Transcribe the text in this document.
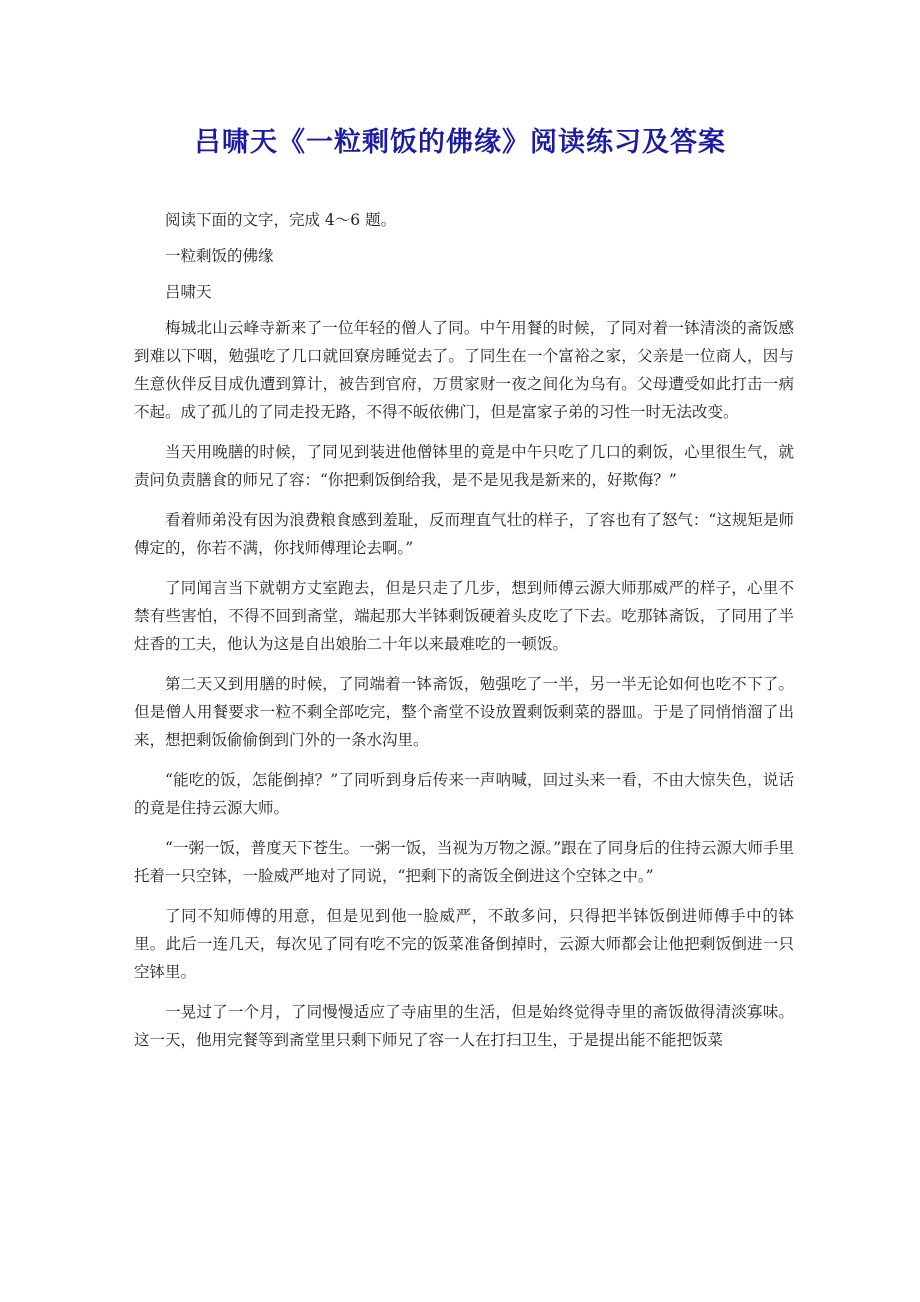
吕啸天《一粒剩饭的佛缘》阅读练习及答案

阅读下面的文字，完成 4～6 题。

一粒剩饭的佛缘

吕啸天

梅城北山云峰寺新来了一位年轻的僧人了同。中午用餐的时候，了同对着一钵清淡的斋饭感到难以下咽，勉强吃了几口就回寮房睡觉去了。了同生在一个富裕之家，父亲是一位商人，因与生意伙伴反目成仇遭到算计，被告到官府，万贯家财一夜之间化为乌有。父母遭受如此打击一病不起。成了孤儿的了同走投无路，不得不皈依佛门，但是富家子弟的习性一时无法改变。

当天用晚膳的时候，了同见到装进他僧钵里的竟是中午只吃了几口的剩饭，心里很生气，就责问负责膳食的师兄了容：“你把剩饭倒给我，是不是见我是新来的，好欺侮？”

看着师弟没有因为浪费粮食感到羞耻，反而理直气壮的样子，了容也有了怒气：“这规矩是师傅定的，你若不满，你找师傅理论去啊。”

了同闻言当下就朝方丈室跑去，但是只走了几步，想到师傅云源大师那威严的样子，心里不禁有些害怕，不得不回到斋堂，端起那大半钵剩饭硬着头皮吃了下去。吃那钵斋饭，了同用了半炷香的工夫，他认为这是自出娘胎二十年以来最难吃的一顿饭。

第二天又到用膳的时候，了同端着一钵斋饭，勉强吃了一半，另一半无论如何也吃不下了。但是僧人用餐要求一粒不剩全部吃完，整个斋堂不设放置剩饭剩菜的器皿。于是了同悄悄溜了出来，想把剩饭偷偷倒到门外的一条水沟里。

“能吃的饭，怎能倒掉？”了同听到身后传来一声呐喊，回过头来一看，不由大惊失色，说话的竟是住持云源大师。

“一粥一饭，普度天下苍生。一粥一饭，当视为万物之源。”跟在了同身后的住持云源大师手里托着一只空钵，一脸威严地对了同说，“把剩下的斋饭全倒进这个空钵之中。”

了同不知师傅的用意，但是见到他一脸威严，不敢多问，只得把半钵饭倒进师傅手中的钵里。此后一连几天，每次见了同有吃不完的饭菜准备倒掉时，云源大师都会让他把剩饭倒进一只空钵里。

一晃过了一个月，了同慢慢适应了寺庙里的生活，但是始终觉得寺里的斋饭做得清淡寡味。这一天，他用完餐等到斋堂里只剩下师兄了容一人在打扫卫生，于是提出能不能把饭菜
